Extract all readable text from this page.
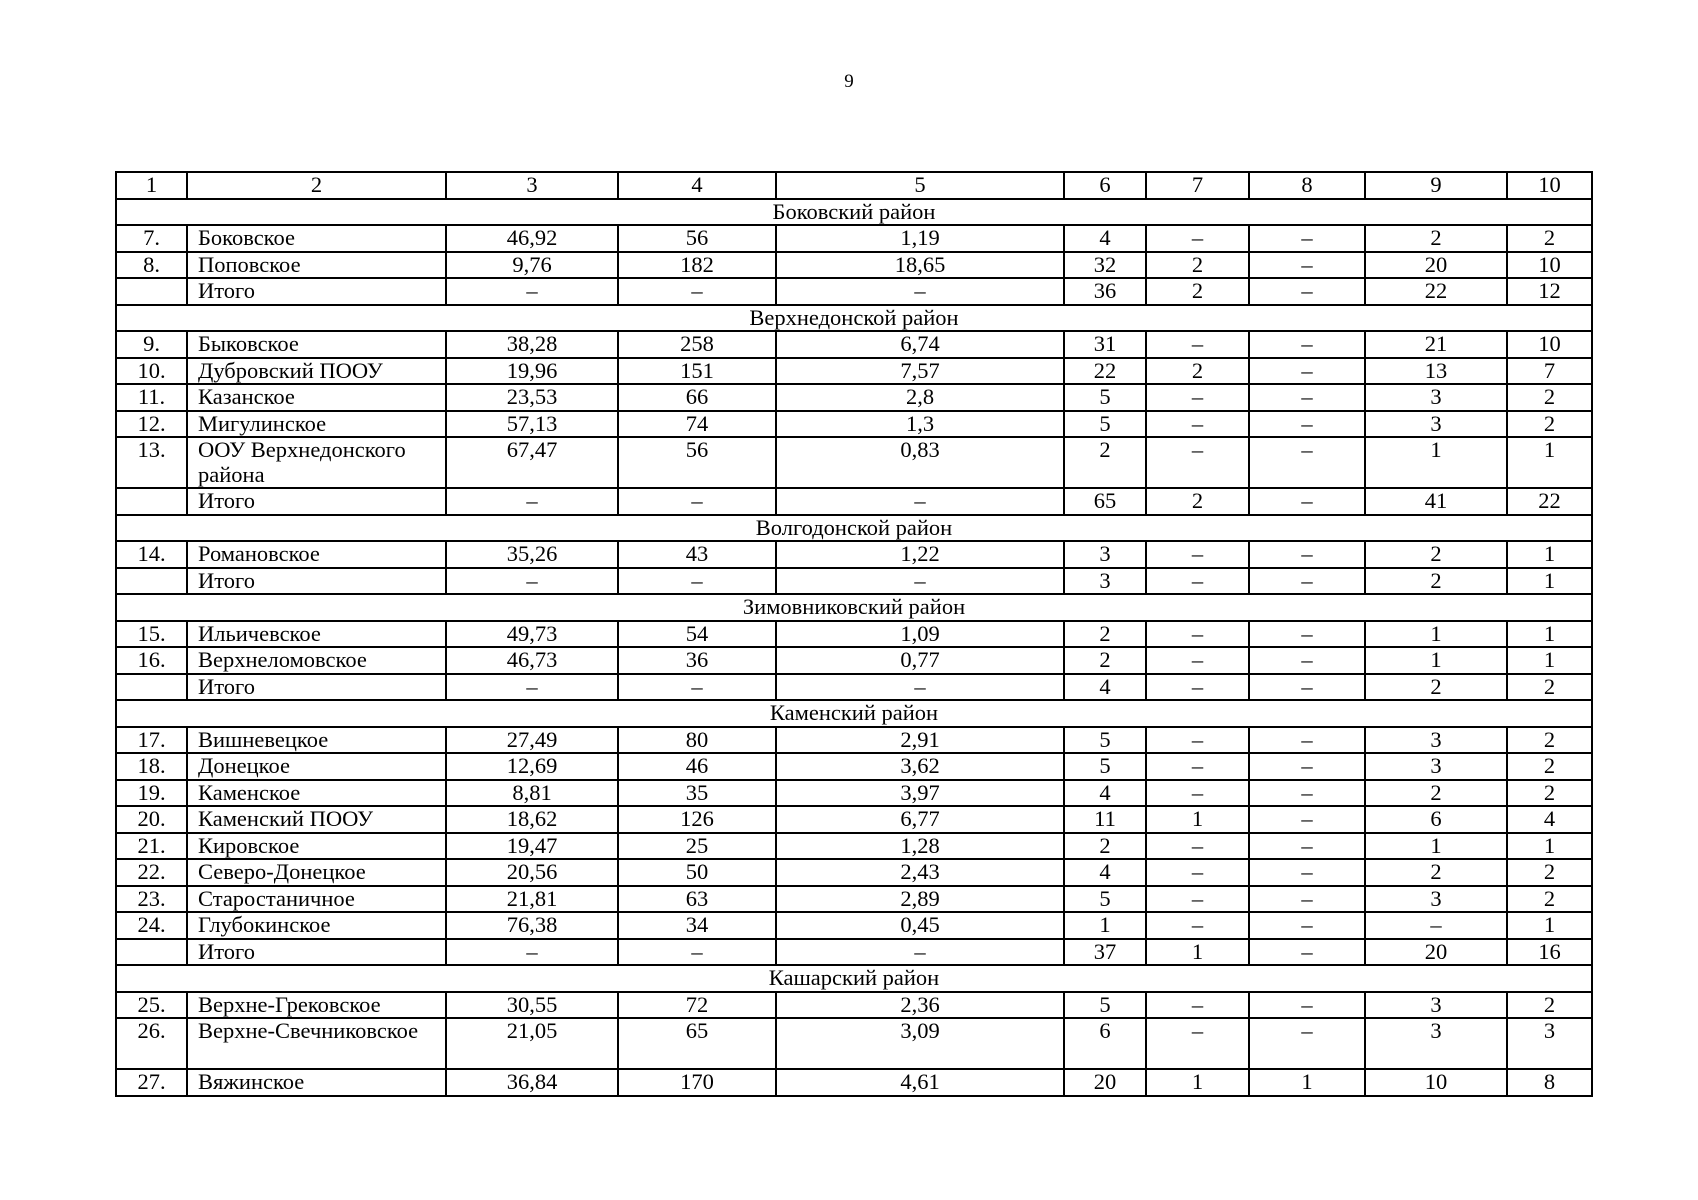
9
1	2	3	4	5	6	7	8	9	10
Боковский район									
7.	Боковское	46,92	56	1,19	4	–	–	2	2
8.	Поповское	9,76	182	18,65	32	2	–	20	10
	Итого	–	–	–	36	2	–	22	12
Верхнедонской район									
9.	Быковское	38,28	258	6,74	31	–	–	21	10
10.	Дубровский ПООУ	19,96	151	7,57	22	2	–	13	7
11.	Казанское	23,53	66	2,8	5	–	–	3	2
12.	Мигулинское	57,13	74	1,3	5	–	–	3	2
13.	ООУ Верхнедонского района	67,47	56	0,83	2	–	–	1	1
	Итого	–	–	–	65	2	–	41	22
Волгодонской район									
14.	Романовское	35,26	43	1,22	3	–	–	2	1
	Итого	–	–	–	3	–	–	2	1
Зимовниковский район									
15.	Ильичевское	49,73	54	1,09	2	–	–	1	1
16.	Верхнеломовское	46,73	36	0,77	2	–	–	1	1
	Итого	–	–	–	4	–	–	2	2
Каменский район									
17.	Вишневецкое	27,49	80	2,91	5	–	–	3	2
18.	Донецкое	12,69	46	3,62	5	–	–	3	2
19.	Каменское	8,81	35	3,97	4	–	–	2	2
20.	Каменский ПООУ	18,62	126	6,77	11	1	–	6	4
21.	Кировское	19,47	25	1,28	2	–	–	1	1
22.	Северо-Донецкое	20,56	50	2,43	4	–	–	2	2
23.	Старостаничное	21,81	63	2,89	5	–	–	3	2
24.	Глубокинское	76,38	34	0,45	1	–	–	–	1
	Итого	–	–	–	37	1	–	20	16
Кашарский район									
25.	Верхне-Грековское	30,55	72	2,36	5	–	–	3	2
26.	Верхне-Свечниковское	21,05	65	3,09	6	–	–	3	3
27.	Вяжинское	36,84	170	4,61	20	1	1	10	8
